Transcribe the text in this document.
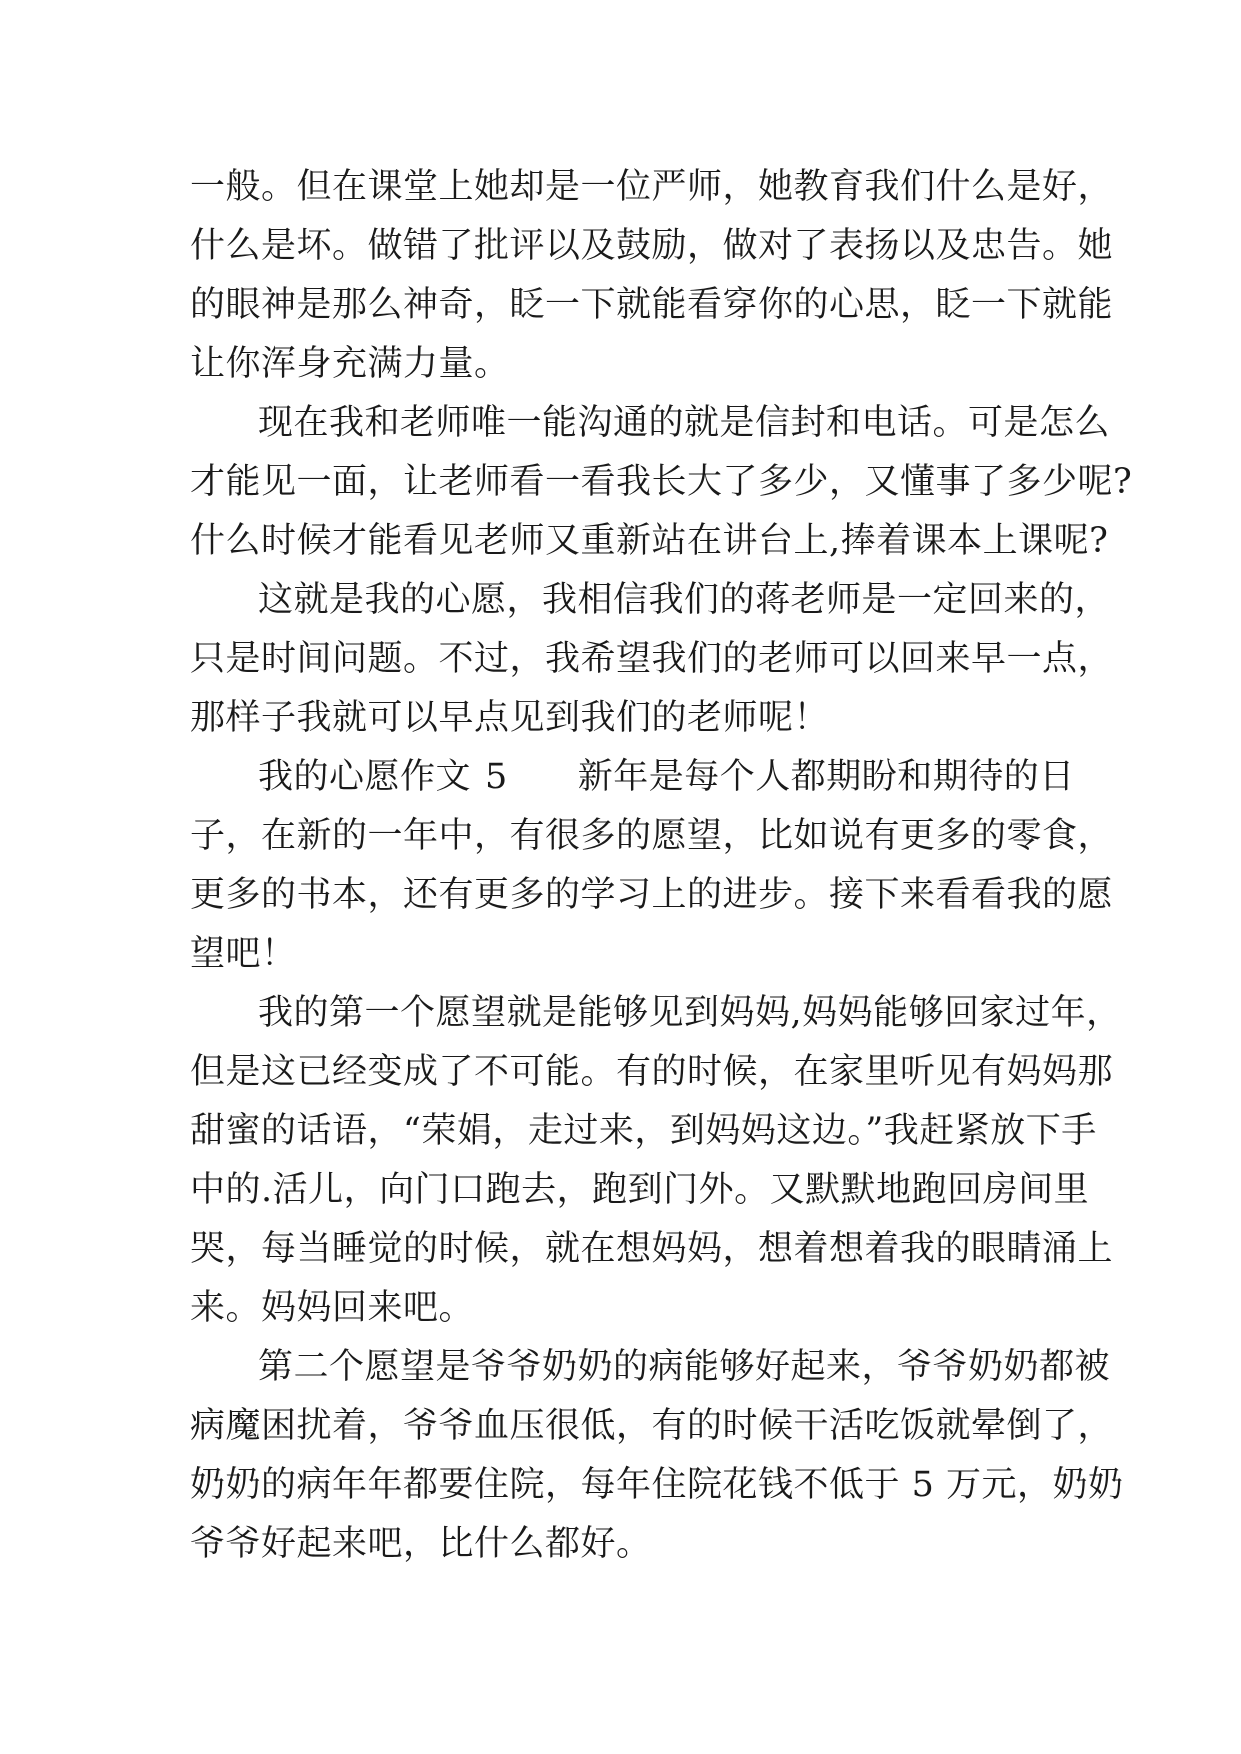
一般。但在课堂上她却是一位严师，她教育我们什么是好，
什么是坏。做错了批评以及鼓励，做对了表扬以及忠告。她
的眼神是那么神奇，眨一下就能看穿你的心思，眨一下就能
让你浑身充满力量。
现在我和老师唯一能沟通的就是信封和电话。可是怎么
才能见一面，让老师看一看我长大了多少，又懂事了多少呢?
什么时候才能看见老师又重新站在讲台上,捧着课本上课呢?
这就是我的心愿，我相信我们的蒋老师是一定回来的，
只是时间问题。不过，我希望我们的老师可以回来早一点，
那样子我就可以早点见到我们的老师呢！
我的心愿作文 5 新年是每个人都期盼和期待的日
子，在新的一年中，有很多的愿望，比如说有更多的零食，
更多的书本，还有更多的学习上的进步。接下来看看我的愿
望吧！
我的第一个愿望就是能够见到妈妈,妈妈能够回家过年，
但是这已经变成了不可能。有的时候，在家里听见有妈妈那
甜蜜的话语，“荣娟，走过来，到妈妈这边。”我赶紧放下手
中的.活儿，向门口跑去，跑到门外。又默默地跑回房间里
哭，每当睡觉的时候，就在想妈妈，想着想着我的眼睛涌上
来。妈妈回来吧。
第二个愿望是爷爷奶奶的病能够好起来，爷爷奶奶都被
病魔困扰着，爷爷血压很低，有的时候干活吃饭就晕倒了，
奶奶的病年年都要住院，每年住院花钱不低于 5 万元，奶奶
爷爷好起来吧，比什么都好。
